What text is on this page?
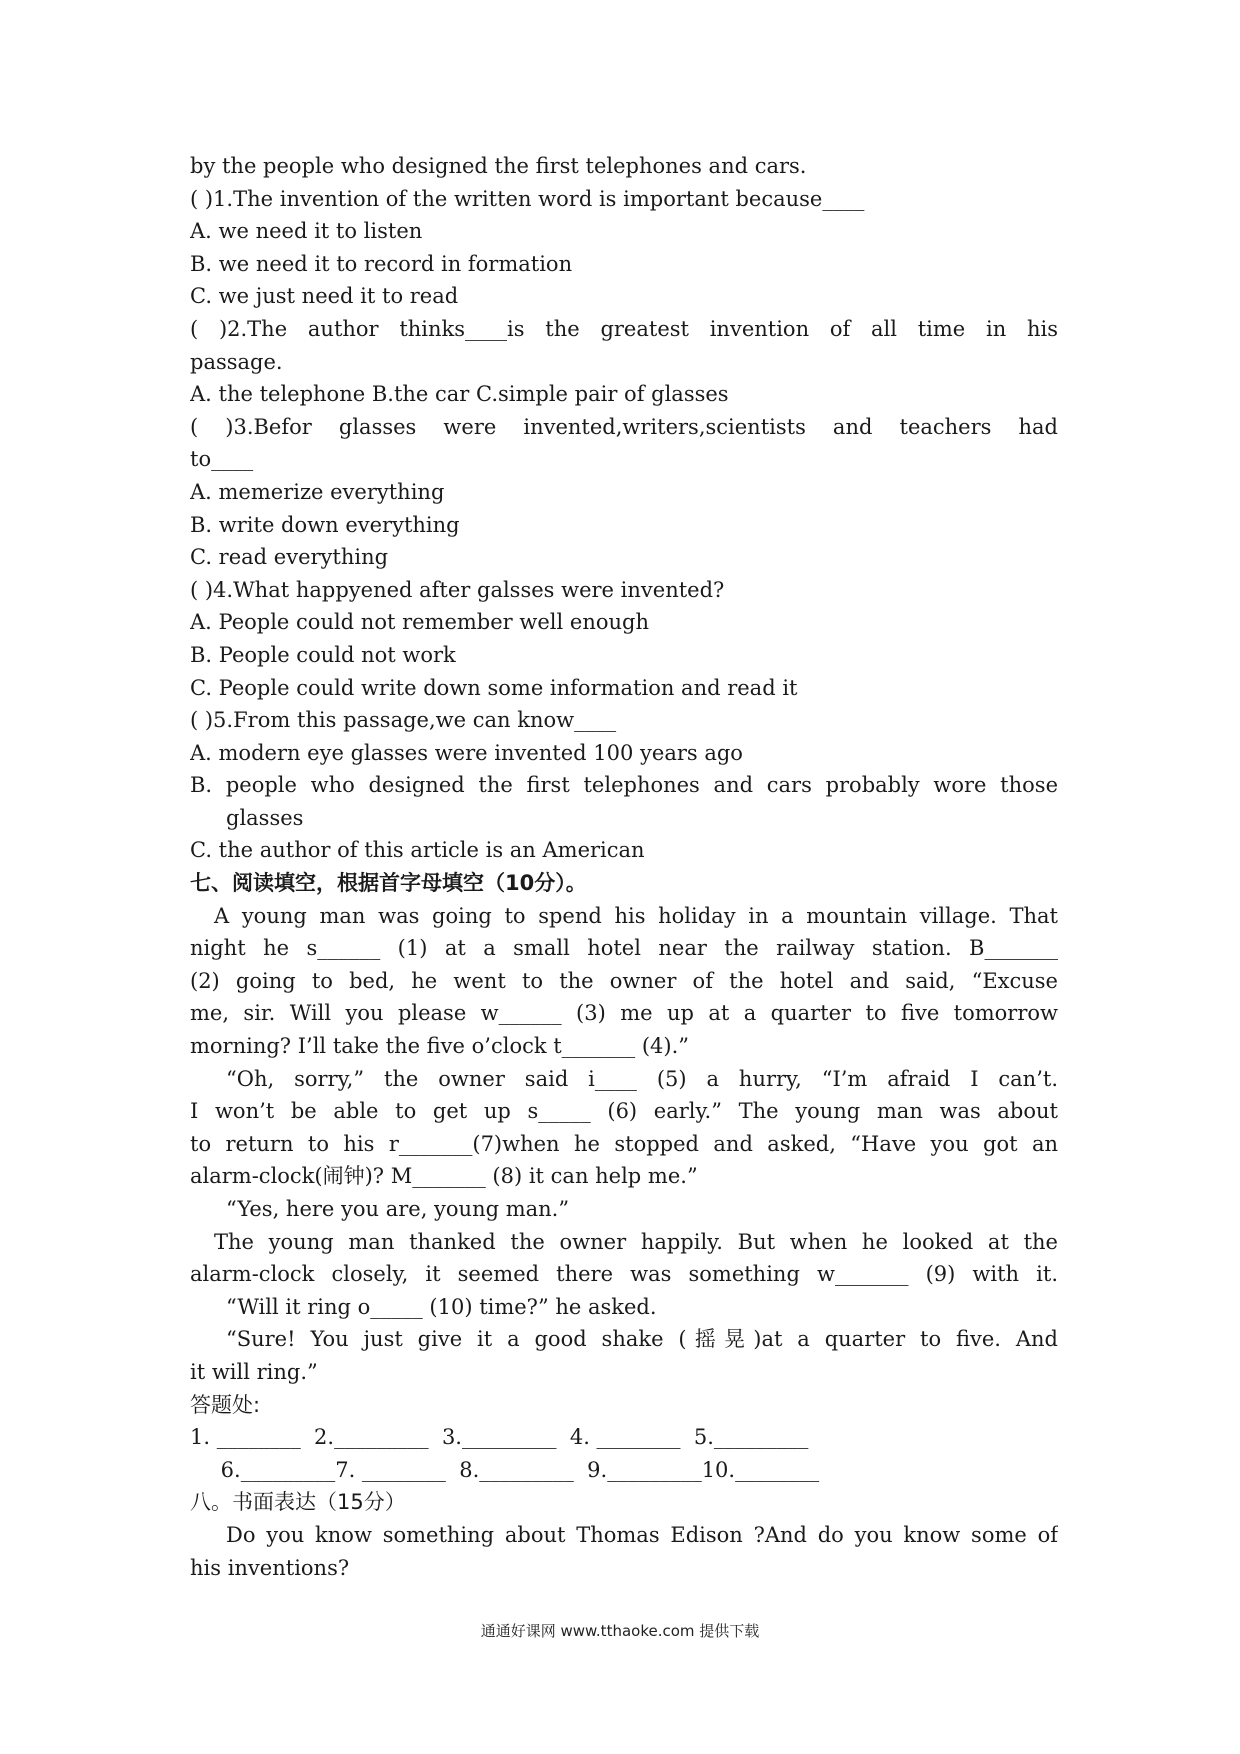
by the people who designed the first telephones and cars.
( )1.The invention of the written word is important because____
A. we need it to listen
B. we need it to record in formation
C. we just need it to read
( )2.The author thinks____is the greatest invention of all time in his
passage.
A. the telephone B.the car C.simple pair of glasses
( )3.Befor glasses were invented,writers,scientists and teachers had
to____
A. memerize everything
B. write down everything
C. read everything
( )4.What happyened after galsses were invented?
A. People could not remember well enough
B. People could not work
C. People could write down some information and read it
( )5.From this passage,we can know____
A. modern eye glasses were invented 100 years ago
B. people who designed the first telephones and cars probably wore those
glasses
C. the author of this article is an American
七、阅读填空，根据首字母填空（10分）。
A young man was going to spend his holiday in a mountain village. That
night he s______ (1) at a small hotel near the railway station. B_______
(2) going to bed, he went to the owner of the hotel and said, “Excuse
me, sir. Will you please w______ (3) me up at a quarter to five tomorrow
morning? I’ll take the five o’clock t_______ (4).”
“Oh, sorry,” the owner said i____ (5) a hurry, “I’m afraid I can’t.
I won’t be able to get up s_____ (6) early.” The young man was about
to return to his r_______(7)when he stopped and asked, “Have you got an
alarm-clock(闹钟)? M_______ (8) it can help me.”
“Yes, here you are, young man.”
The young man thanked the owner happily. But when he looked at the
alarm-clock closely, it seemed there was something w_______ (9) with it.
“Will it ring o_____ (10) time?” he asked.
“Sure! You just give it a good shake (摇晃)at a quarter to five. And
it will ring.”
答题处:
1. ________  2._________  3._________  4. ________  5._________
6._________7. ________  8._________  9._________10.________
八。书面表达（15分）
Do you know something about Thomas Edison ?And do you know some of
his inventions?
通通好课网 www.tthaoke.com 提供下载
